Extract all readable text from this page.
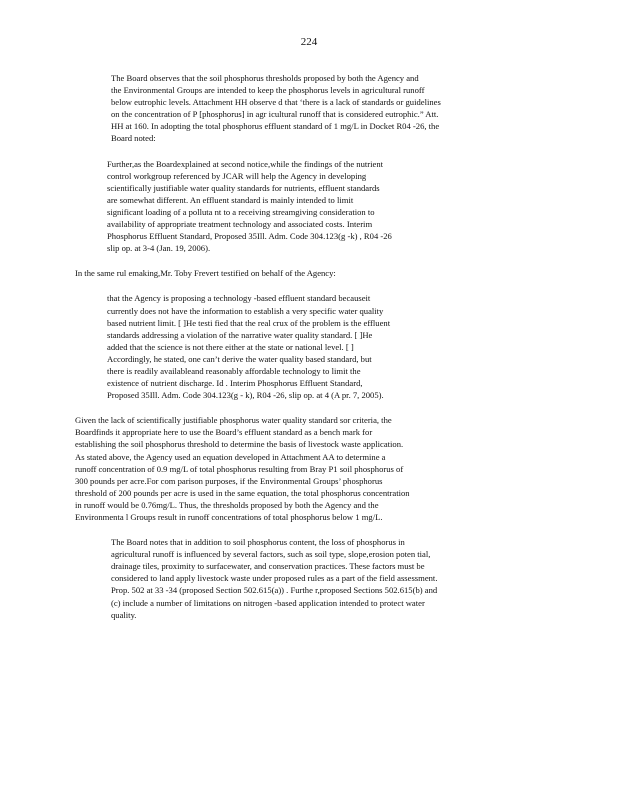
224
The Board observes that the soil phosphorus thresholds proposed by both the Agency and
the Environmental Groups are intended to keep the phosphorus levels in agricultural runoff
below eutrophic levels. Attachment HH observe d that ‘there is a lack of standards or guidelines
on the concentration of P [phosphorus] in agr icultural runoff that is considered eutrophic.” Att.
HH at 160. In adopting the total phosphorus effluent standard of 1 mg/L in Docket R04 -26, the
Board noted:
Further,as the Boardexplained at second notice,while the findings of the nutrient
control workgroup referenced by JCAR will help the Agency in developing
scientifically justifiable water quality standards for nutrients, effluent standards
are somewhat different. An effluent standard is mainly intended to limit
significant loading of a polluta nt to a receiving streamgiving consideration to
availability of appropriate treatment technology and associated costs. Interim
Phosphorus Effluent Standard, Proposed 35Ill. Adm. Code 304.123(g -k) , R04 -26
slip op. at 3-4 (Jan. 19, 2006).
In the same rul emaking,Mr. Toby Frevert testified on behalf of the Agency:
that the Agency is proposing a technology -based effluent standard becauseit
currently does not have the information to establish a very specific water quality
based nutrient limit. [ ]He testi fied that the real crux of the problem is the effluent
standards addressing a violation of the narrative water quality standard. [ ]He
added that the science is not there either at the state or national level. [ ]
Accordingly, he stated, one can’t derive the water quality based standard, but
there is readily availableand reasonably affordable technology to limit the
existence of nutrient discharge. Id . Interim Phosphorus Effluent Standard,
Proposed 35Ill. Adm. Code 304.123(g - k), R04 -26, slip op. at 4 (A pr. 7, 2005).
Given the lack of scientifically justifiable phosphorus water quality standard sor criteria, the
Boardfinds it appropriate here to use the Board’s effluent standard as a bench mark for
establishing the soil phosphorus threshold to determine the basis of livestock waste application.
As stated above, the Agency used an equation developed in Attachment AA to determine a
runoff concentration of 0.9 mg/L of total phosphorus resulting from Bray P1 soil phosphorus of
300 pounds per acre.For com parison purposes, if the Environmental Groups’ phosphorus
threshold of 200 pounds per acre is used in the same equation, the total phosphorus concentration
in runoff would be 0.76mg/L. Thus, the thresholds proposed by both the Agency and the
Environmenta l Groups result in runoff concentrations of total phosphorus below 1 mg/L.
The Board notes that in addition to soil phosphorus content, the loss of phosphorus in
agricultural runoff is influenced by several factors, such as soil type, slope,erosion poten tial,
drainage tiles, proximity to surfacewater, and conservation practices. These factors must be
considered to land apply livestock waste under proposed rules as a part of the field assessment.
Prop. 502 at 33 -34 (proposed Section 502.615(a)) . Furthe r,proposed Sections 502.615(b) and
(c) include a number of limitations on nitrogen -based application intended to protect water
quality.
